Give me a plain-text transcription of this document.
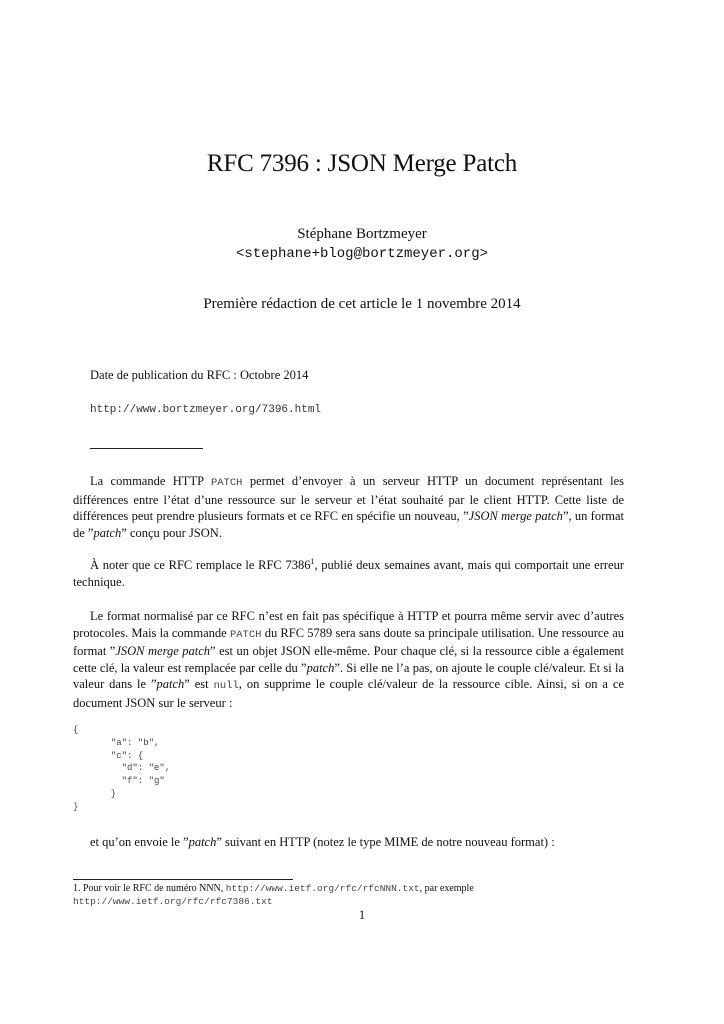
RFC 7396 : JSON Merge Patch
Stéphane Bortzmeyer
<stephane+blog@bortzmeyer.org>
Première rédaction de cet article le 1 novembre 2014
Date de publication du RFC : Octobre 2014
http://www.bortzmeyer.org/7396.html

La commande HTTP PATCH permet d’envoyer à un serveur HTTP un document représentant les différences entre l’état d’une ressource sur le serveur et l’état souhaité par le client HTTP. Cette liste de différences peut prendre plusieurs formats et ce RFC en spécifie un nouveau, ”JSON merge patch”, un format de ”patch” conçu pour JSON.

À noter que ce RFC remplace le RFC 7386$^1$, publié deux semaines avant, mais qui comportait une erreur technique.

Le format normalisé par ce RFC n’est en fait pas spécifique à HTTP et pourra même servir avec d’autres protocoles. Mais la commande PATCH du RFC 5789 sera sans doute sa principale utilisation. Une ressource au format ”JSON merge patch” est un objet JSON elle-même. Pour chaque clé, si la ressource cible a également cette clé, la valeur est remplacée par celle du ”patch”. Si elle ne l’a pas, on ajoute le couple clé/valeur. Et si la valeur dans le ”patch” est null, on supprime le couple clé/valeur de la ressource cible. Ainsi, si on a ce document JSON sur le serveur :

{
"a": "b",
"c": {
"d": "e",
"f": "g"
}
}

et qu’on envoie le ”patch” suivant en HTTP (notez le type MIME de notre nouveau format) :

1. Pour voir le RFC de numéro NNN, http://www.ietf.org/rfc/rfcNNN.txt, par exemple http://www.ietf.org/rfc/rfc7386.txt
1
